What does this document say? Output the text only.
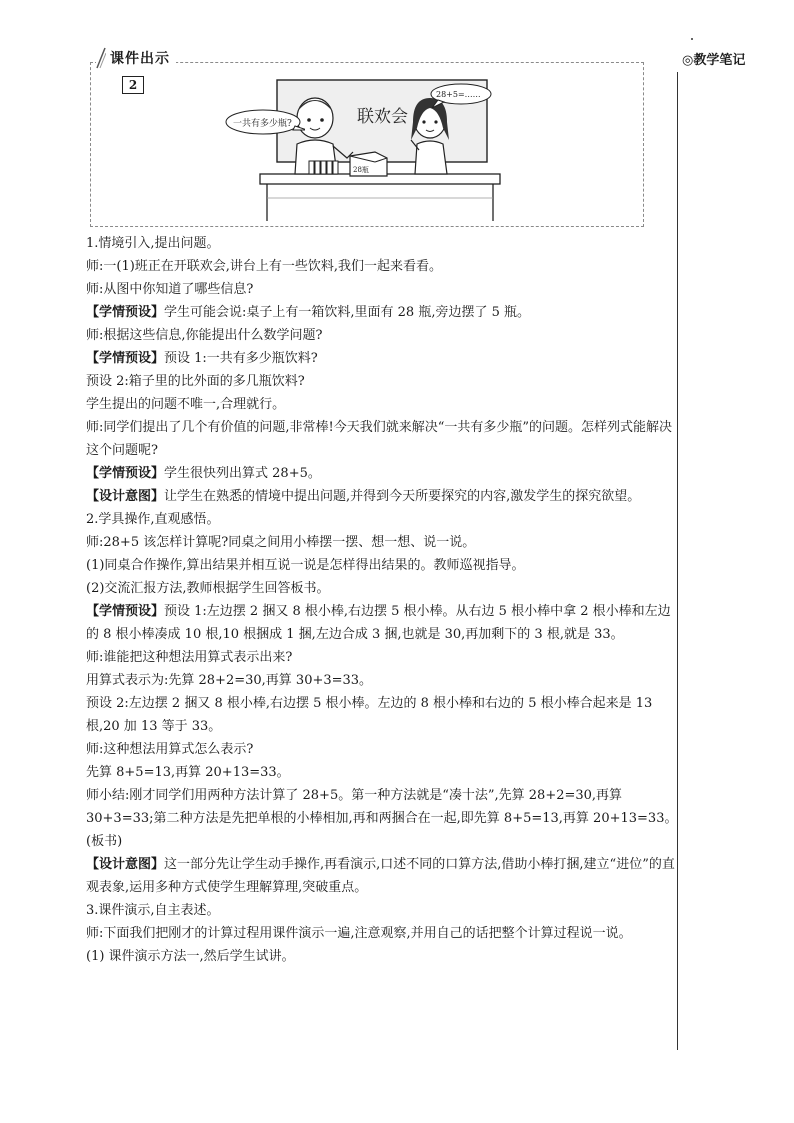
◎教学笔记
课件出示
2
联欢会
28瓶
一共有多少瓶?
28+5=……

1.情境引入,提出问题。

师:一(1)班正在开联欢会,讲台上有一些饮料,我们一起来看看。

师:从图中你知道了哪些信息?

【学情预设】学生可能会说:桌子上有一箱饮料,里面有 28 瓶,旁边摆了 5 瓶。

师:根据这些信息,你能提出什么数学问题?

【学情预设】预设 1:一共有多少瓶饮料?

预设 2:箱子里的比外面的多几瓶饮料?

学生提出的问题不唯一,合理就行。

师:同学们提出了几个有价值的问题,非常棒!今天我们就来解决“一共有多少瓶”的问题。怎样列式能解决这个问题呢?

【学情预设】学生很快列出算式 28+5。

【设计意图】让学生在熟悉的情境中提出问题,并得到今天所要探究的内容,激发学生的探究欲望。

2.学具操作,直观感悟。

师:28+5 该怎样计算呢?同桌之间用小棒摆一摆、想一想、说一说。

(1)同桌合作操作,算出结果并相互说一说是怎样得出结果的。教师巡视指导。

(2)交流汇报方法,教师根据学生回答板书。

【学情预设】预设 1:左边摆 2 捆又 8 根小棒,右边摆 5 根小棒。从右边 5 根小棒中拿 2 根小棒和左边的 8 根小棒凑成 10 根,10 根捆成 1 捆,左边合成 3 捆,也就是 30,再加剩下的 3 根,就是 33。

师:谁能把这种想法用算式表示出来?

用算式表示为:先算 28+2=30,再算 30+3=33。

预设 2:左边摆 2 捆又 8 根小棒,右边摆 5 根小棒。左边的 8 根小棒和右边的 5 根小棒合起来是 13 根,20 加 13 等于 33。

师:这种想法用算式怎么表示?

先算 8+5=13,再算 20+13=33。

师小结:刚才同学们用两种方法计算了 28+5。第一种方法就是“凑十法”,先算 28+2=30,再算 30+3=33;第二种方法是先把单根的小棒相加,再和两捆合在一起,即先算 8+5=13,再算 20+13=33。(板书)

【设计意图】这一部分先让学生动手操作,再看演示,口述不同的口算方法,借助小棒打捆,建立“进位”的直观表象,运用多种方式使学生理解算理,突破重点。

3.课件演示,自主表述。

师:下面我们把刚才的计算过程用课件演示一遍,注意观察,并用自己的话把整个计算过程说一说。

(1) 课件演示方法一,然后学生试讲。
